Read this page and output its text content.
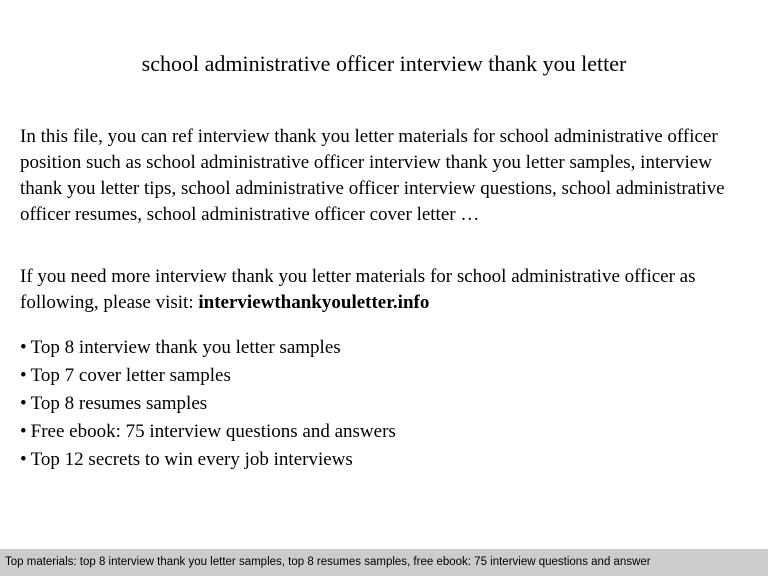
school administrative officer interview thank you letter

In this file, you can ref interview thank you letter materials for school administrative officer position such as school administrative officer interview thank you letter samples, interview thank you letter tips, school administrative officer interview questions, school administrative officer resumes, school administrative officer cover letter …

If you need more interview thank you letter materials for school administrative officer as following, please visit: interviewthankyouletter.info

• Top 8 interview thank you letter samples
• Top 7 cover letter samples
• Top 8 resumes samples
• Free ebook: 75 interview questions and answers
• Top 12 secrets to win every job interviews
Top materials: top 8 interview thank you letter samples, top 8 resumes samples, free ebook: 75 interview questions and answer
